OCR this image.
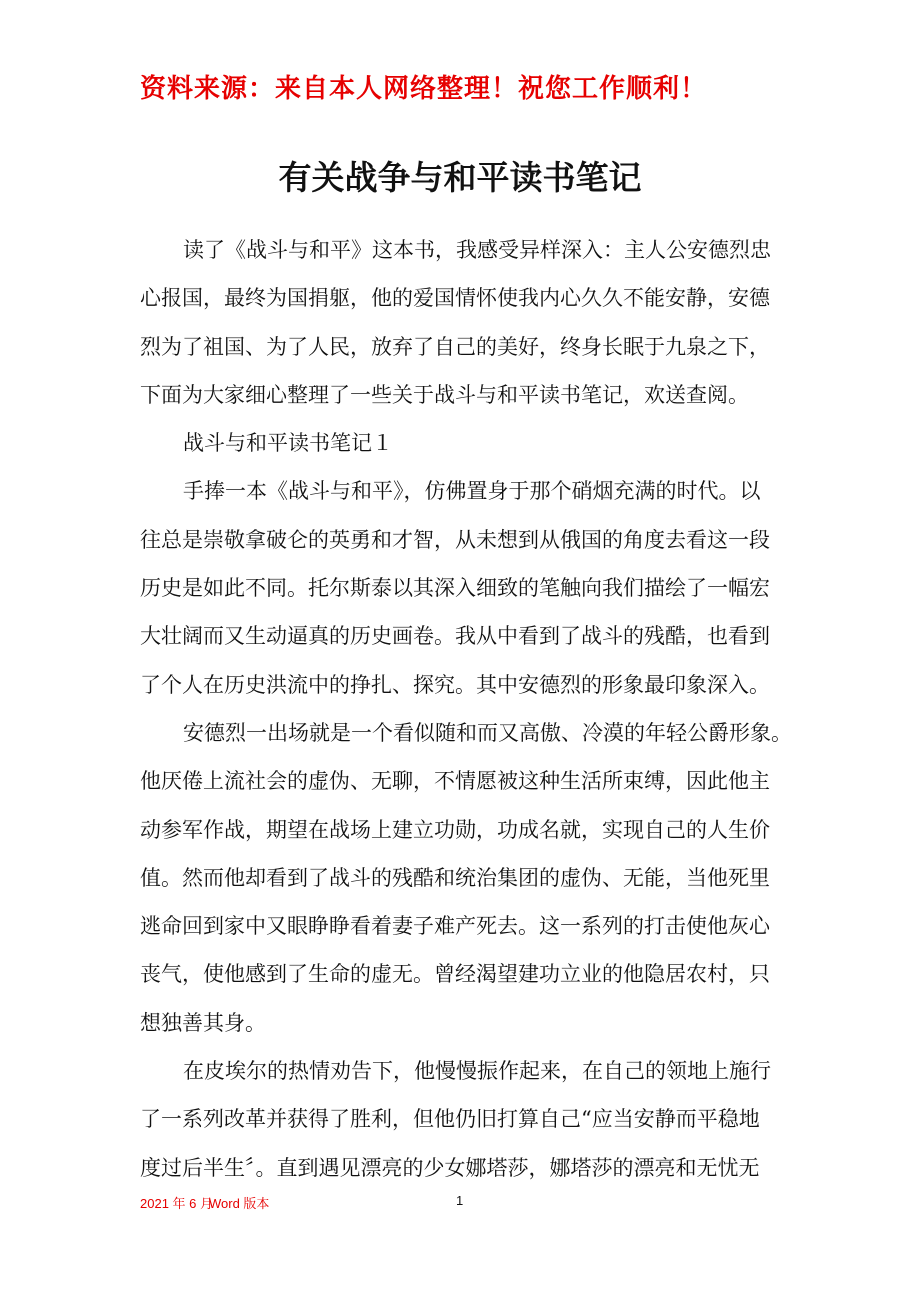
资料来源：来自本人网络整理！祝您工作顺利！
有关战争与和平读书笔记
读了《战斗与和平》这本书，我感受异样深入：主人公安德烈忠
心报国，最终为国捐躯，他的爱国情怀使我内心久久不能安静，安德
烈为了祖国、为了人民，放弃了自己的美好，终身长眠于九泉之下，
下面为大家细心整理了一些关于战斗与和平读书笔记，欢送查阅。
战斗与和平读书笔记１
手捧一本《战斗与和平》，仿佛置身于那个硝烟充满的时代。以
往总是崇敬拿破仑的英勇和才智，从未想到从俄国的角度去看这一段
历史是如此不同。托尔斯泰以其深入细致的笔触向我们描绘了一幅宏
大壮阔而又生动逼真的历史画卷。我从中看到了战斗的残酷，也看到
了个人在历史洪流中的挣扎、探究。其中安德烈的形象最印象深入。
安德烈一出场就是一个看似随和而又高傲、冷漠的年轻公爵形象。
他厌倦上流社会的虚伪、无聊，不情愿被这种生活所束缚，因此他主
动参军作战，期望在战场上建立功勋，功成名就，实现自己的人生价
值。然而他却看到了战斗的残酷和统治集团的虚伪、无能，当他死里
逃命回到家中又眼睁睁看着妻子难产死去。这一系列的打击使他灰心
丧气，使他感到了生命的虚无。曾经渴望建功立业的他隐居农村，只
想独善其身。
在皮埃尔的热情劝告下，他慢慢振作起来，在自己的领地上施行
了一系列改革并获得了胜利，但他仍旧打算自己“应当安静而平稳地
度过后半生〞。直到遇见漂亮的少女娜塔莎，娜塔莎的漂亮和无忧无
2021 年 6 月
Word 版本	1
